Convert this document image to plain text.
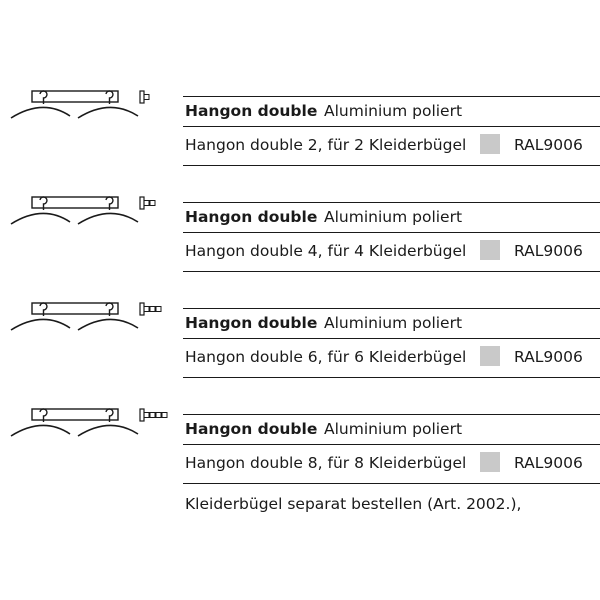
Hangon double Aluminium poliert
Hangon double 2, für 2 Kleiderbügel	RAL9006
Hangon double Aluminium poliert
Hangon double 4, für 4 Kleiderbügel	RAL9006
Hangon double Aluminium poliert
Hangon double 6, für 6 Kleiderbügel	RAL9006
Hangon double Aluminium poliert
Hangon double 8, für 8 Kleiderbügel	RAL9006
Kleiderbügel separat bestellen (Art. 2002.),
